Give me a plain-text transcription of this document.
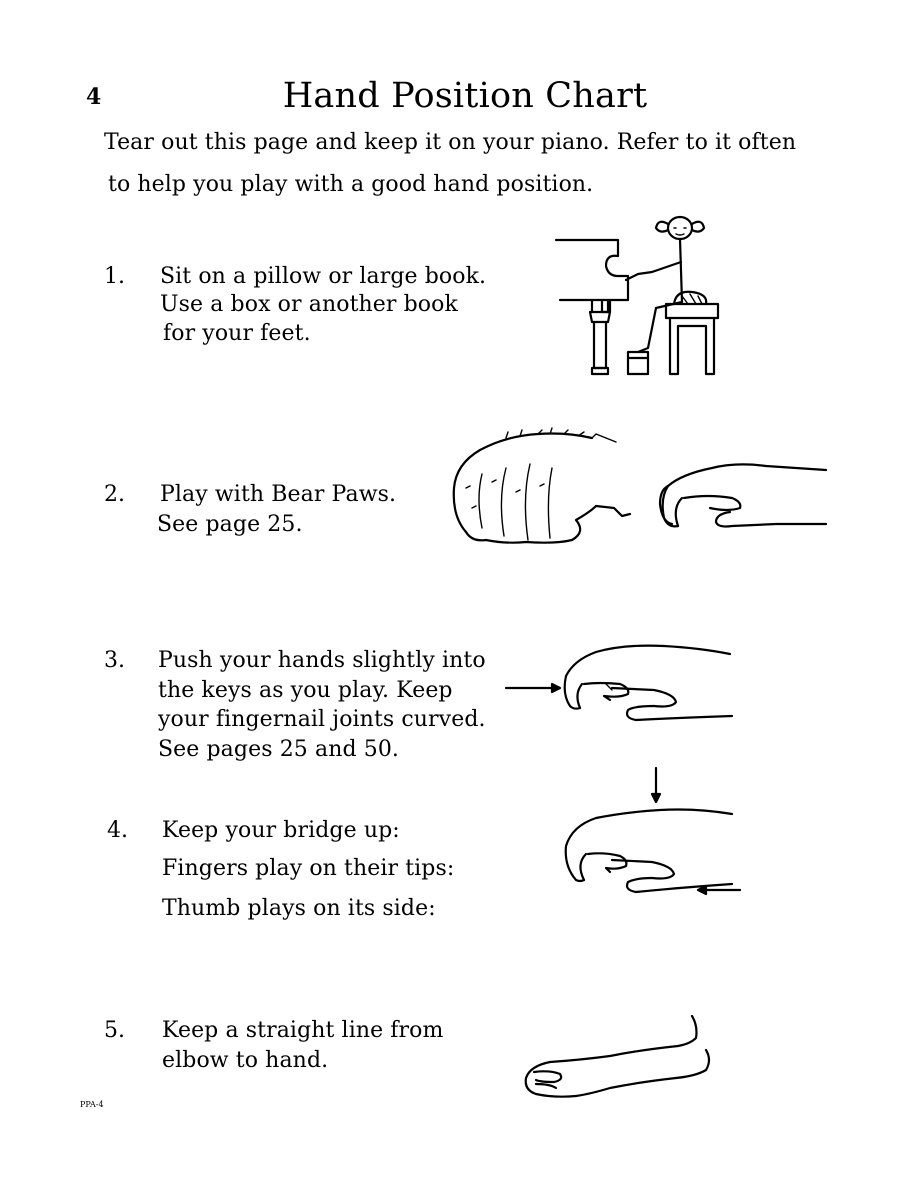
4	Hand Position Chart
Tear out this page and keep it on your piano. Refer to it often
to help you play with a good hand position.
1. Sit on a pillow or large book.
Use a box or another book
for your feet.
2. Play with Bear Paws.
See page 25.
3. Push your hands slightly into
the keys as you play. Keep
your fingernail joints curved.
See pages 25 and 50.
4. Keep your bridge up:
Fingers play on their tips:
Thumb plays on its side:
5. Keep a straight line from
elbow to hand.
PPA-4
